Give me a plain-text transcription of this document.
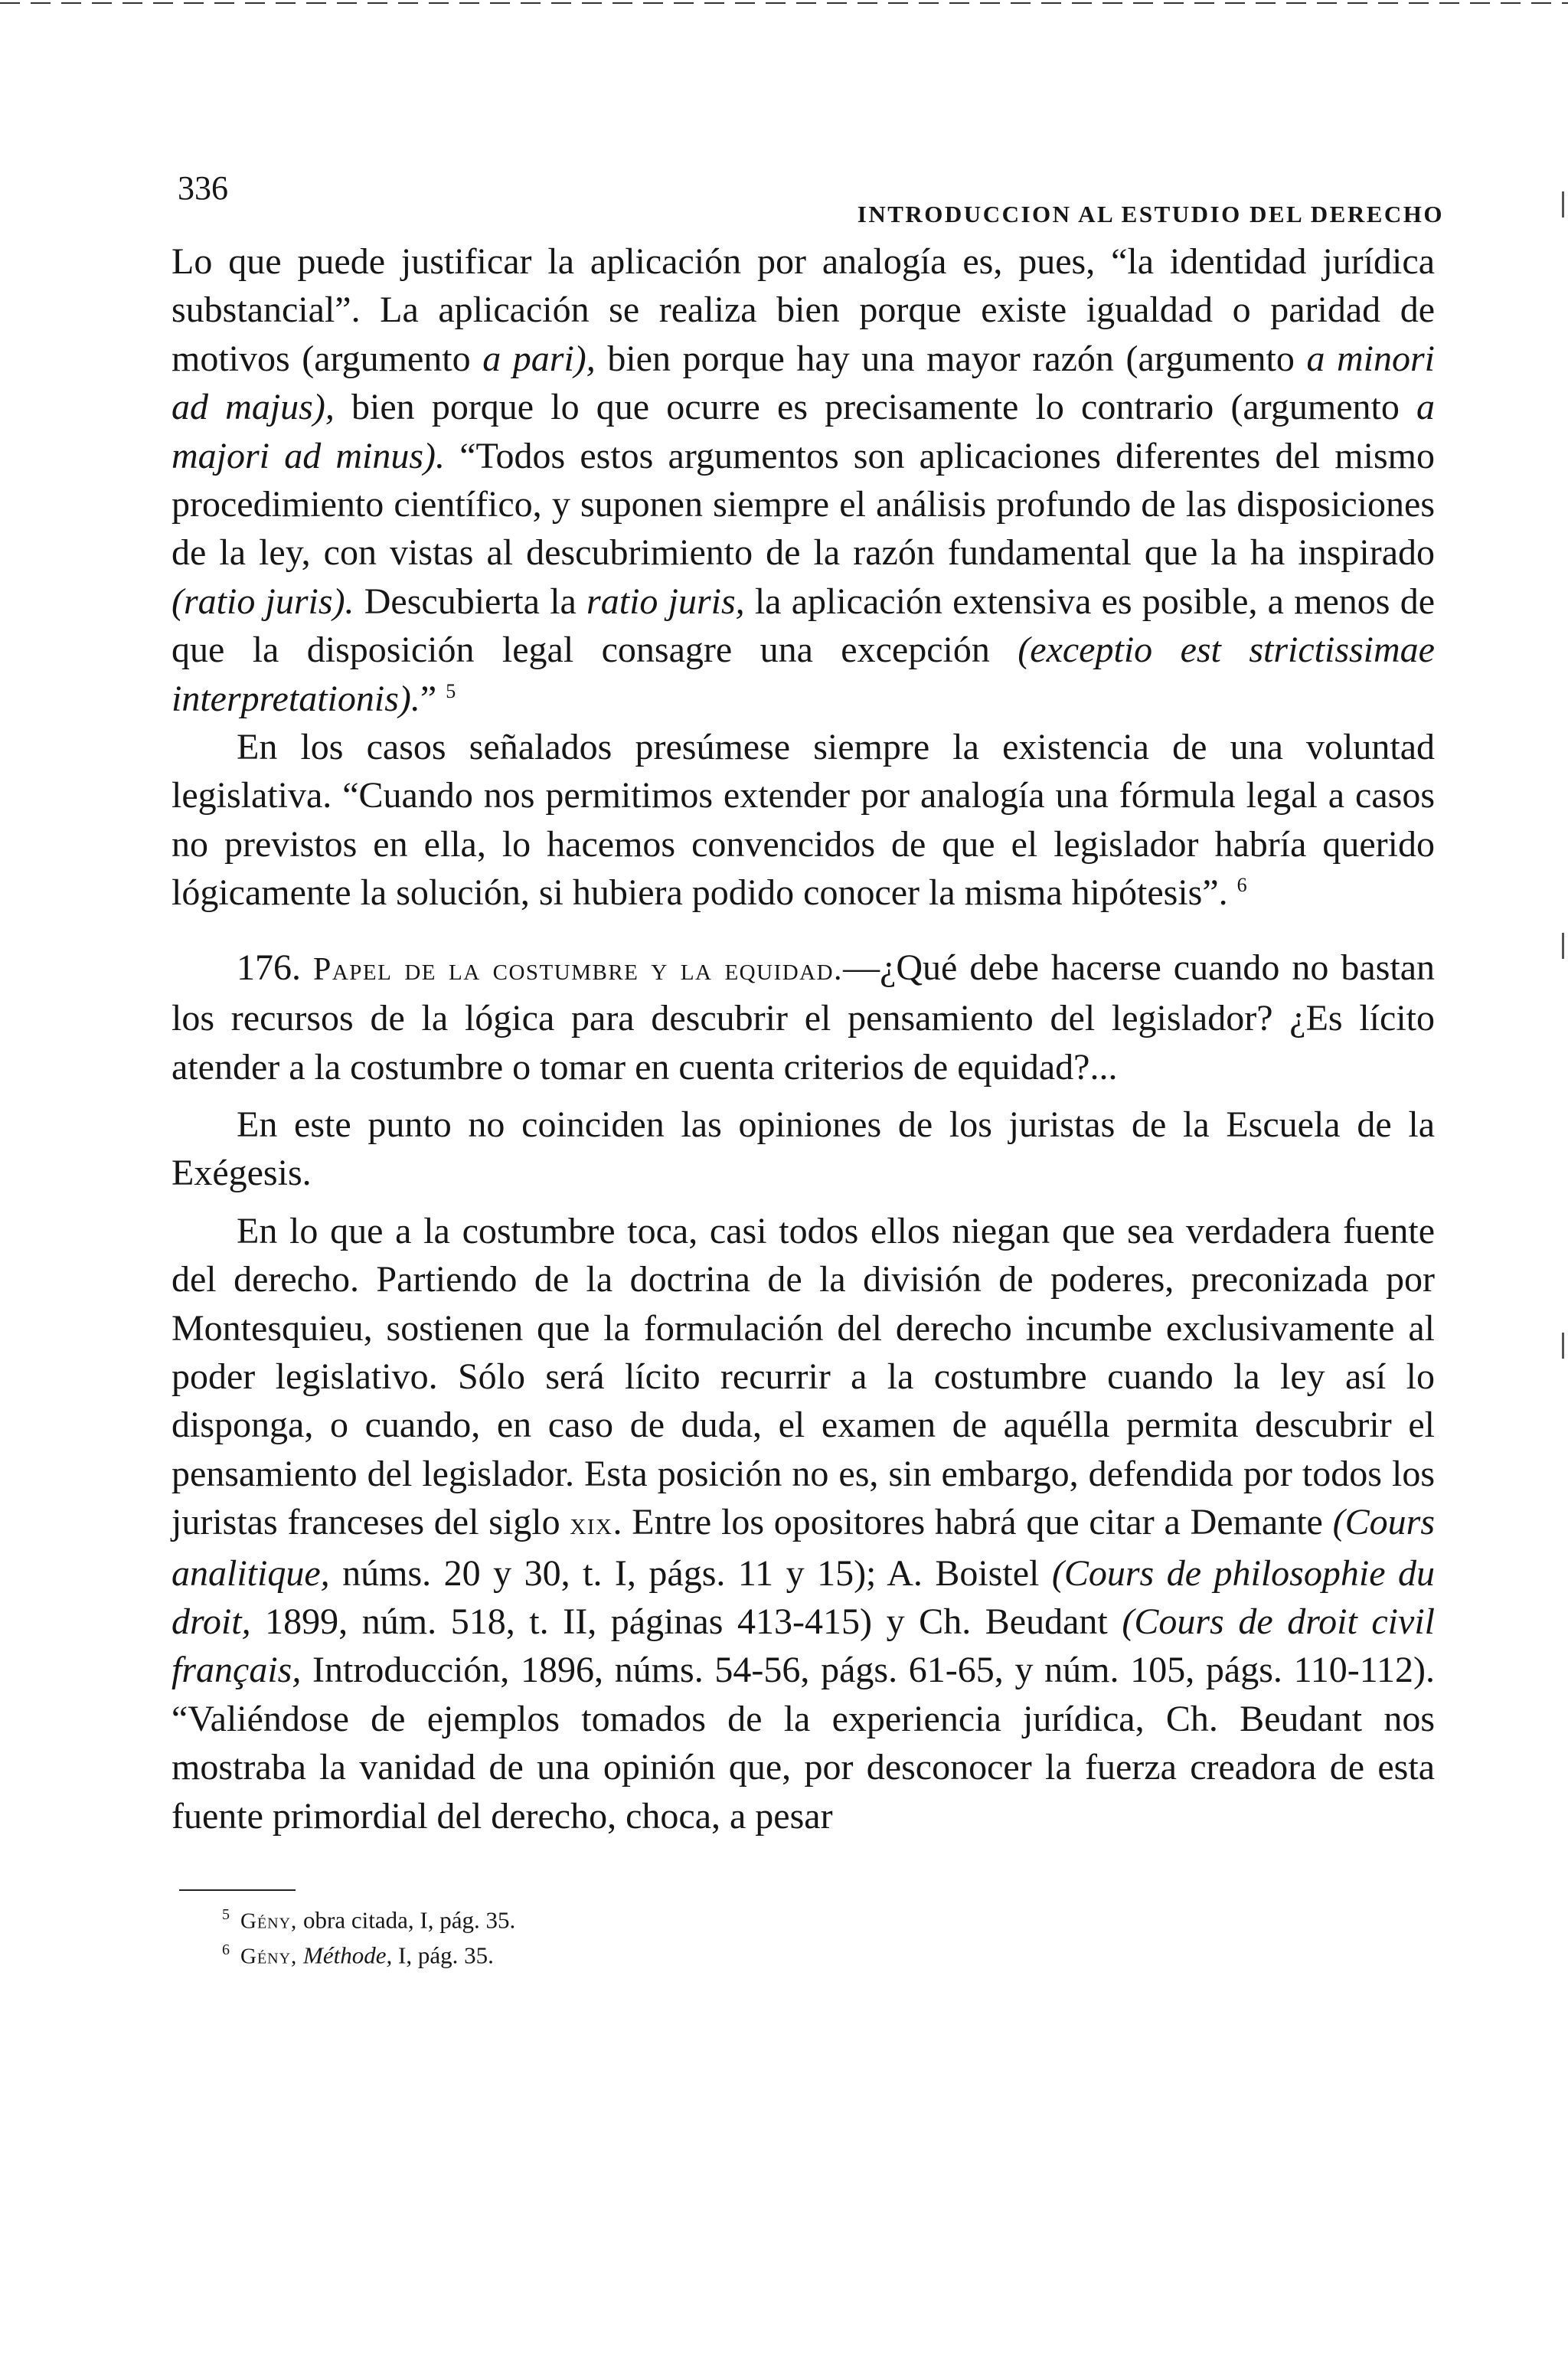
336
INTRODUCCION AL ESTUDIO DEL DERECHO

Lo que puede justificar la aplicación por analogía es, pues, “la identidad jurídica substancial”. La aplicación se realiza bien porque existe igualdad o paridad de motivos (argumento a pari), bien porque hay una mayor razón (argumento a minori ad majus), bien porque lo que ocurre es precisamente lo contrario (argumento a majori ad minus). “Todos estos argumentos son aplicaciones diferentes del mismo procedimiento científico, y suponen siempre el análisis profundo de las disposiciones de la ley, con vistas al descubrimiento de la razón fundamental que la ha inspirado (ratio juris). Descubierta la ratio juris, la aplicación extensiva es posible, a menos de que la disposición legal consagre una excepción (exceptio est strictissimae interpretationis).” $^5$

En los casos señalados presúmese siempre la existencia de una voluntad legislativa. “Cuando nos permitimos extender por analogía una fórmula legal a casos no previstos en ella, lo hacemos convencidos de que el legislador habría querido lógicamente la solución, si hubiera podido conocer la misma hipótesis”. $^6$

176. Papel de la costumbre y la equidad.—¿Qué debe hacerse cuando no bastan los recursos de la lógica para descubrir el pensamiento del legislador? ¿Es lícito atender a la costumbre o tomar en cuenta criterios de equidad?...

En este punto no coinciden las opiniones de los juristas de la Escuela de la Exégesis.

En lo que a la costumbre toca, casi todos ellos niegan que sea verdadera fuente del derecho. Partiendo de la doctrina de la división de poderes, preconizada por Montesquieu, sostienen que la formulación del derecho incumbe exclusivamente al poder legislativo. Sólo será lícito recurrir a la costumbre cuando la ley así lo disponga, o cuando, en caso de duda, el examen de aquélla permita descubrir el pensamiento del legislador. Esta posición no es, sin embargo, defendida por todos los juristas franceses del siglo xix. Entre los opositores habrá que citar a Demante (Cours analitique, núms. 20 y 30, t. I, págs. 11 y 15); A. Boistel (Cours de philosophie du droit, 1899, núm. 518, t. II, páginas 413-415) y Ch. Beudant (Cours de droit civil français, Introducción, 1896, núms. 54-56, págs. 61-65, y núm. 105, págs. 110-112). “Valiéndose de ejemplos tomados de la experiencia jurídica, Ch. Beudant nos mostraba la vanidad de una opinión que, por desconocer la fuerza creadora de esta fuente primordial del derecho, choca, a pesar

$^5$ Gény, obra citada, I, pág. 35.
$^6$ Gény, Méthode, I, pág. 35.
